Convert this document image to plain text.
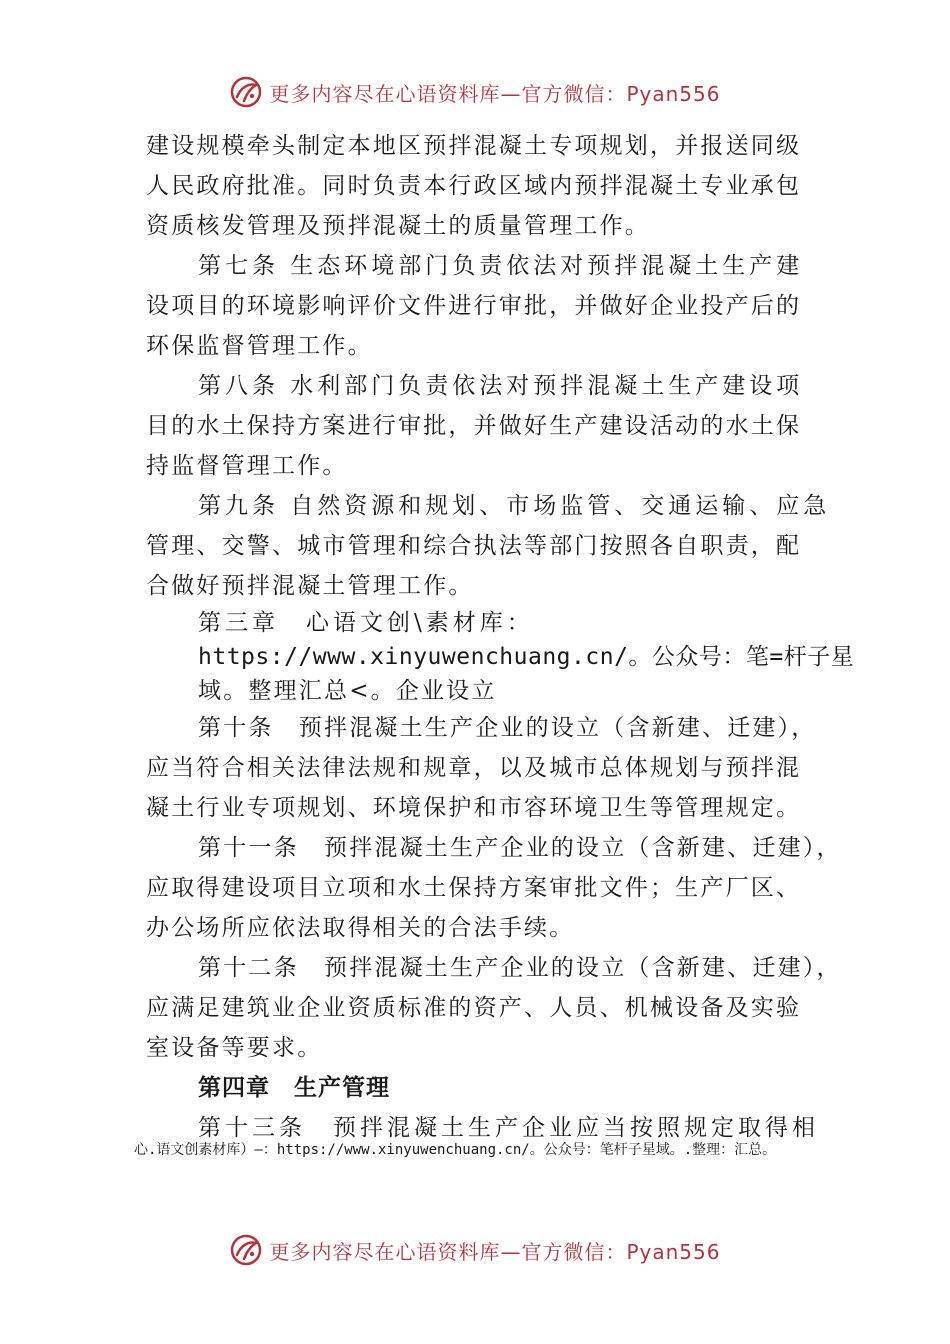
更多内容尽在心语资料库—官方微信：Pyan556
建设规模牵头制定本地区预拌混凝土专项规划，并报送同级
人民政府批准。同时负责本行政区域内预拌混凝土专业承包
资质核发管理及预拌混凝土的质量管理工作。
第七条 生态环境部门负责依法对预拌混凝土生产建
设项目的环境影响评价文件进行审批，并做好企业投产后的
环保监督管理工作。
第八条 水利部门负责依法对预拌混凝土生产建设项
目的水土保持方案进行审批，并做好生产建设活动的水土保
持监督管理工作。
第九条 自然资源和规划、市场监管、交通运输、应急
管理、交警、城市管理和综合执法等部门按照各自职责，配
合做好预拌混凝土管理工作。
第三章　心语文创\素材库：
https://www.xinyuwenchuang.cn/。公众号：笔=杆子星
域。整理汇总<。企业设立
第十条　预拌混凝土生产企业的设立（含新建、迁建），
应当符合相关法律法规和规章，以及城市总体规划与预拌混
凝土行业专项规划、环境保护和市容环境卫生等管理规定。
第十一条　预拌混凝土生产企业的设立（含新建、迁建），
应取得建设项目立项和水土保持方案审批文件；生产厂区、
办公场所应依法取得相关的合法手续。
第十二条　预拌混凝土生产企业的设立（含新建、迁建），
应满足建筑业企业资质标准的资产、人员、机械设备及实验
室设备等要求。
第四章　生产管理
第十三条　预拌混凝土生产企业应当按照规定取得相
心.语文创素材库）—：https://www.xinyuwenchuang.cn/。公众号：笔杆子星域。.整理：汇总。
更多内容尽在心语资料库—官方微信：Pyan556
